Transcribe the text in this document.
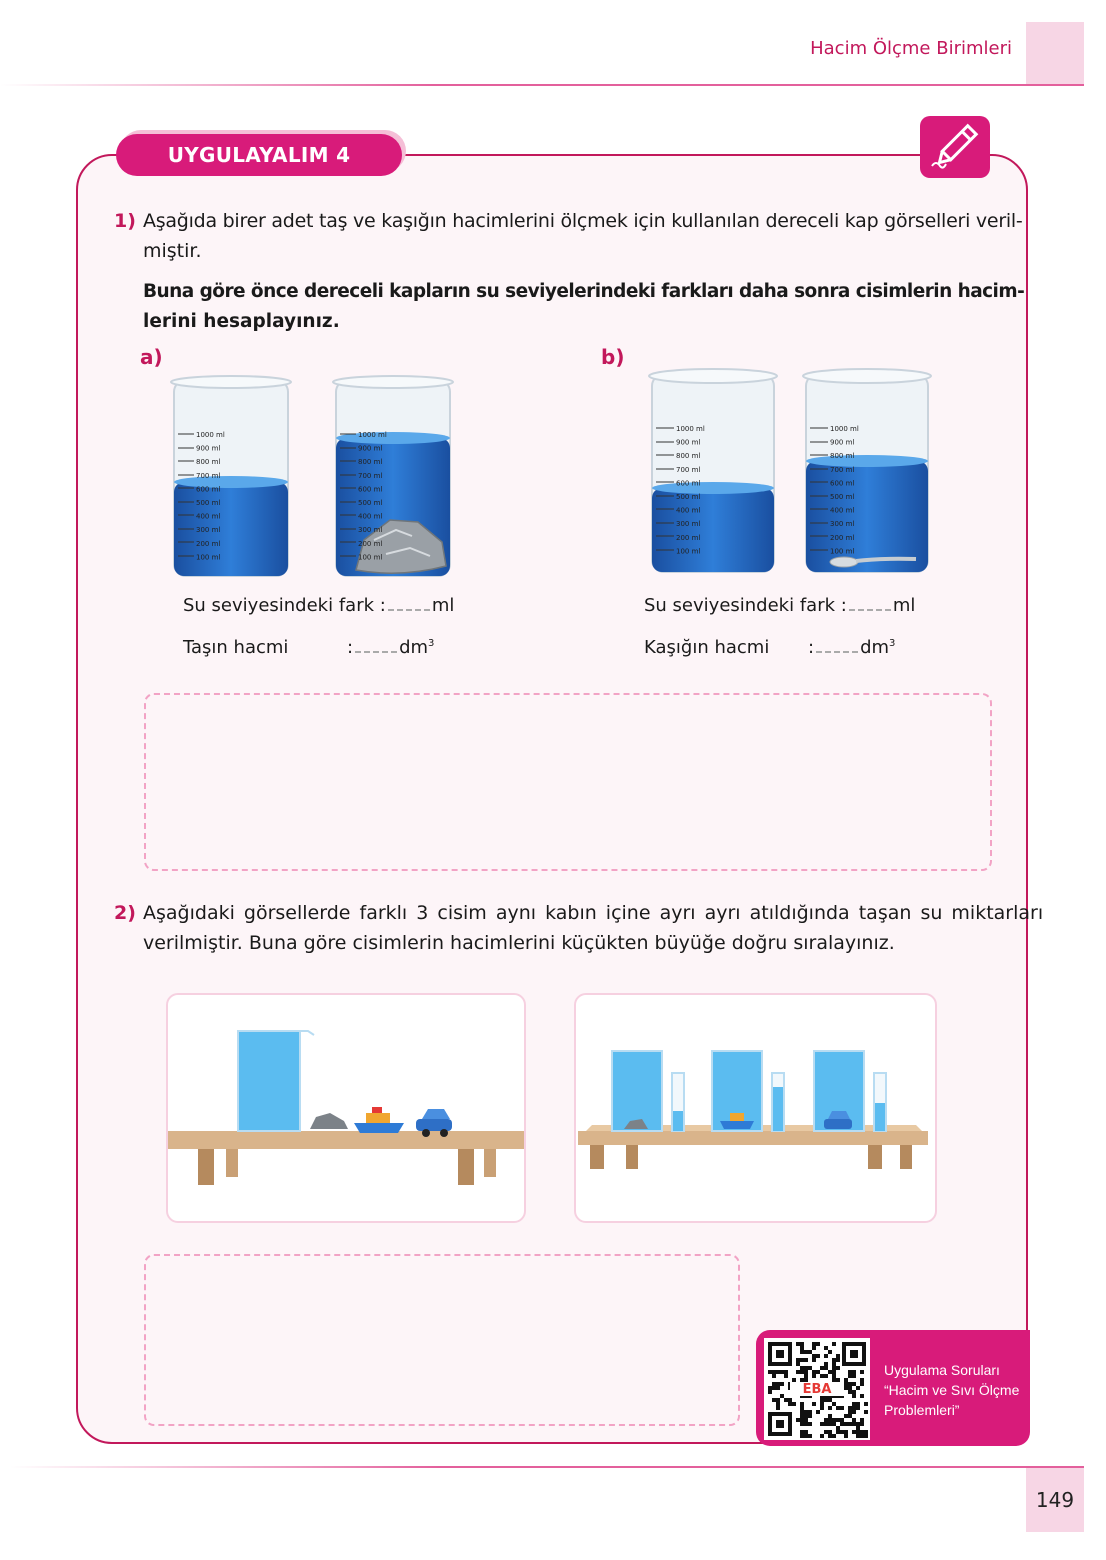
Hacim Ölçme Birimleri
UYGULAYALIM 4
1) Aşağıda birer adet taş ve kaşığın hacimlerini ölçmek için kullanılan dereceli kap görselleri veril-
miştir.
Buna göre önce dereceli kapların su seviyelerindeki farkları daha sonra cisimlerin hacim-
lerini hesaplayınız.
a)	b)
1000 ml
900 ml
800 ml
700 ml
600 ml
500 ml
400 ml
300 ml
200 ml
100 ml
1000 ml
900 ml
800 ml
700 ml
600 ml
500 ml
400 ml
300 ml
200 ml
100 ml
1000 ml
900 ml
800 ml
700 ml
600 ml
500 ml
400 ml
300 ml
200 ml
100 ml
1000 ml
900 ml
800 ml
700 ml
600 ml
500 ml
400 ml
300 ml
200 ml
100 ml
Su seviyesindeki fark :	ml
Taşın hacmi	:	$dm^3$
Su seviyesindeki fark :	ml
Kaşığın hacmi :	$dm^3$
2) Aşağıdaki görsellerde farklı 3 cisim aynı kabın içine ayrı ayrı atıldığında taşan su miktarları
verilmiştir. Buna göre cisimlerin hacimlerini küçükten büyüğe doğru sıralayınız.
EBA
Uygulama Soruları
“Hacim ve Sıvı Ölçme
Problemleri”
149
